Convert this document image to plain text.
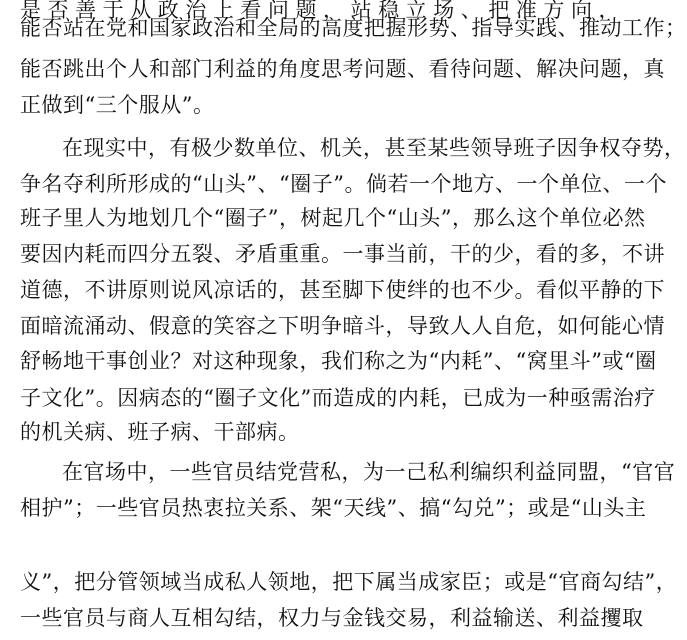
是否善于从政治上看问题，站稳立场、把准方向，
能否站在党和国家政治和全局的高度把握形势、指导实践、推动工作；
能否跳出个人和部门利益的角度思考问题、看待问题、解决问题，真
正做到“三个服从”。
在现实中，有极少数单位、机关，甚至某些领导班子因争权夺势，
争名夺利所形成的“山头”、“圈子”。倘若一个地方、一个单位、一个
班子里人为地划几个“圈子”，树起几个“山头”，那么这个单位必然
要因内耗而四分五裂、矛盾重重。一事当前，干的少，看的多，不讲
道德，不讲原则说风凉话的，甚至脚下使绊的也不少。看似平静的下
面暗流涌动、假意的笑容之下明争暗斗，导致人人自危，如何能心情
舒畅地干事创业？对这种现象，我们称之为“内耗”、“窝里斗”或“圈
子文化”。因病态的“圈子文化”而造成的内耗，已成为一种亟需治疗
的机关病、班子病、干部病。
在官场中，一些官员结党营私，为一己私利编织利益同盟，“官官
相护”；一些官员热衷拉关系、架“天线”、搞“勾兑”；或是“山头主
义”，把分管领域当成私人领地，把下属当成家臣；或是“官商勾结”，
一些官员与商人互相勾结，权力与金钱交易，利益输送、利益攫取
